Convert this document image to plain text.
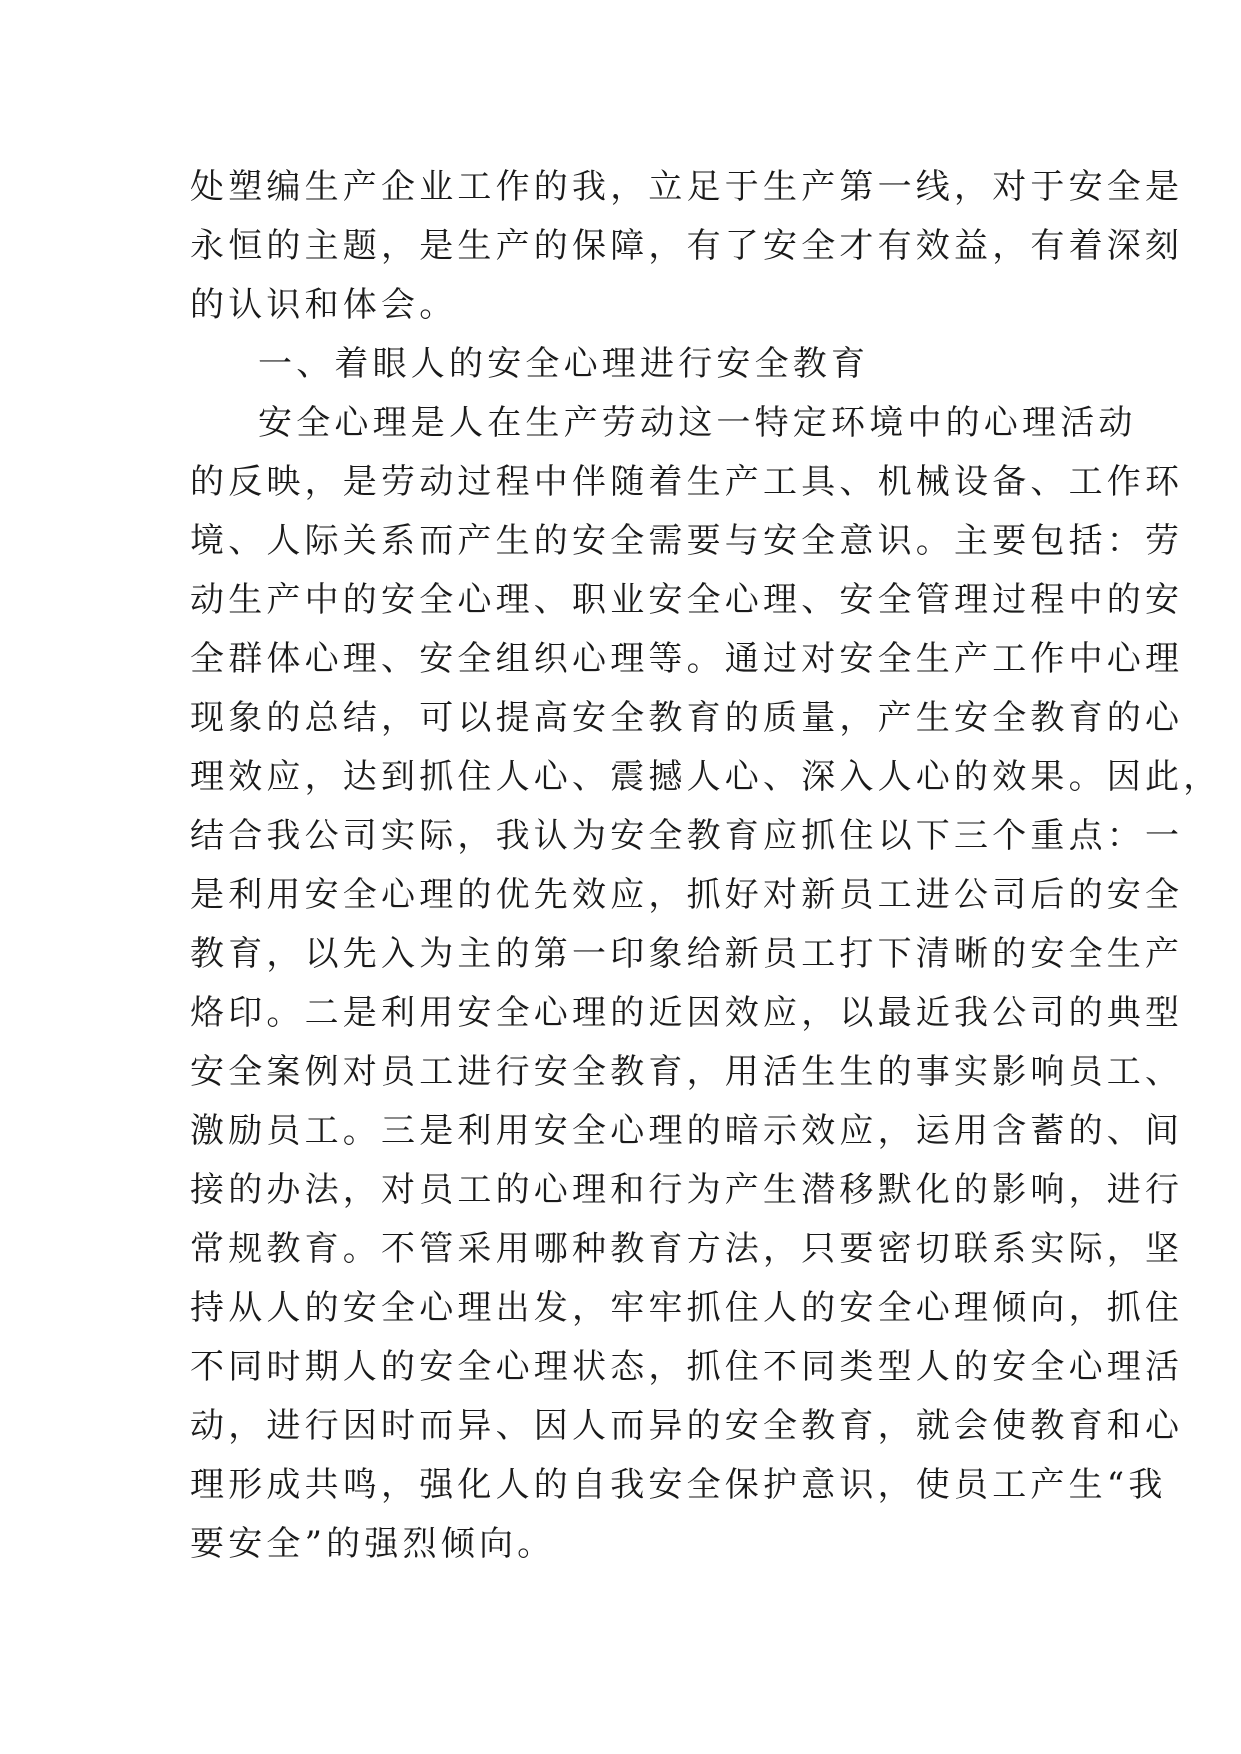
处塑编生产企业工作的我，立足于生产第一线，对于安全是
永恒的主题，是生产的保障，有了安全才有效益，有着深刻
的认识和体会。
一、着眼人的安全心理进行安全教育
安全心理是人在生产劳动这一特定环境中的心理活动
的反映，是劳动过程中伴随着生产工具、机械设备、工作环
境、人际关系而产生的安全需要与安全意识。主要包括：劳
动生产中的安全心理、职业安全心理、安全管理过程中的安
全群体心理、安全组织心理等。通过对安全生产工作中心理
现象的总结，可以提高安全教育的质量，产生安全教育的心
理效应，达到抓住人心、震撼人心、深入人心的效果。因此，
结合我公司实际，我认为安全教育应抓住以下三个重点：一
是利用安全心理的优先效应，抓好对新员工进公司后的安全
教育，以先入为主的第一印象给新员工打下清晰的安全生产
烙印。二是利用安全心理的近因效应，以最近我公司的典型
安全案例对员工进行安全教育，用活生生的事实影响员工、
激励员工。三是利用安全心理的暗示效应，运用含蓄的、间
接的办法，对员工的心理和行为产生潜移默化的影响，进行
常规教育。不管采用哪种教育方法，只要密切联系实际，坚
持从人的安全心理出发，牢牢抓住人的安全心理倾向，抓住
不同时期人的安全心理状态，抓住不同类型人的安全心理活
动，进行因时而异、因人而异的安全教育，就会使教育和心
理形成共鸣，强化人的自我安全保护意识，使员工产生“我
要安全”的强烈倾向。
